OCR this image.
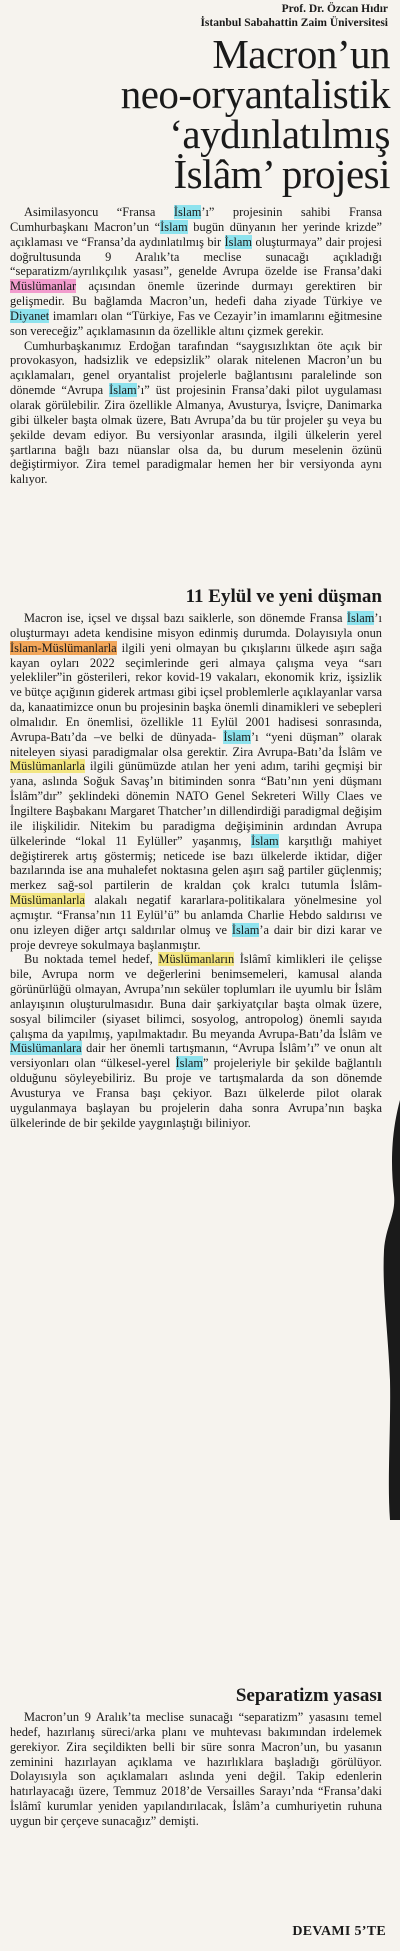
Prof. Dr. Özcan Hıdır
İstanbul Sabahattin Zaim Üniversitesi
Macron’un
neo-oryantalistik
‘aydınlatılmış
İslâm’ projesi

Asimilasyoncu “Fransa İslam’ı” projesinin sahibi Fransa Cumhurbaşkanı Macron’un “İslam bugün dünyanın her yerinde krizde” açıklaması ve “Fransa’da aydınlatılmış bir İslam oluşturmaya” dair projesi doğrultusunda 9 Aralık’ta meclise sunacağı açıkladığı “separatizm/ayrılıkçılık yasası”, genelde Avrupa özelde ise Fransa’daki Müslümanlar açısından önemle üzerinde durmayı gerektiren bir gelişmedir. Bu bağlamda Macron’un, hedefi daha ziyade Türkiye ve Diyanet imamları olan “Türkiye, Fas ve Cezayir’in imamlarını eğitmesine son vereceğiz” açıklamasının da özellikle altını çizmek gerekir.

Cumhurbaşkanımız Erdoğan tarafından “saygısızlıktan öte açık bir provokasyon, hadsizlik ve edepsizlik” olarak nitelenen Macron’un bu açıklamaları, genel oryantalist projelerle bağlantısını paralelinde son dönemde “Avrupa İslam’ı” üst projesinin Fransa’daki pilot uygulaması olarak görülebilir. Zira özellikle Almanya, Avusturya, İsviçre, Danimarka gibi ülkeler başta olmak üzere, Batı Avrupa’da bu tür projeler şu veya bu şekilde devam ediyor. Bu versiyonlar arasında, ilgili ülkelerin yerel şartlarına bağlı bazı nüanslar olsa da, bu durum meselenin özünü değiştirmiyor. Zira temel paradigmalar hemen her bir versiyonda aynı kalıyor.

11 Eylül ve yeni düşman

Macron ise, içsel ve dışsal bazı saiklerle, son dönemde Fransa İslam’ı oluşturmayı adeta kendisine misyon edinmiş durumda. Dolayısıyla onun İslam-Müslümanlarla ilgili yeni olmayan bu çıkışlarını ülkede aşırı sağa kayan oyları 2022 seçimlerinde geri almaya çalışma veya “sarı yelekliler”in gösterileri, rekor kovid-19 vakaları, ekonomik kriz, işsizlik ve bütçe açığının giderek artması gibi içsel problemlerle açıklayanlar varsa da, kanaatimizce onun bu projesinin başka önemli dinamikleri ve sebepleri olmalıdır. En önemlisi, özellikle 11 Eylül 2001 hadisesi sonrasında, Avrupa-Batı’da –ve belki de dünyada- İslam’ı “yeni düşman” olarak niteleyen siyasi paradigmalar olsa gerektir. Zira Avrupa-Batı’da İslâm ve Müslümanlarla ilgili günümüzde atılan her yeni adım, tarihi geçmişi bir yana, aslında Soğuk Savaş’ın bitiminden sonra “Batı’nın yeni düşmanı İslâm”dır” şeklindeki dönemin NATO Genel Sekreteri Willy Claes ve İngiltere Başbakanı Margaret Thatcher’ın dillendirdiği paradigmal değişim ile ilişkilidir. Nitekim bu paradigma değişiminin ardından Avrupa ülkelerinde “lokal 11 Eylüller” yaşanmış, İslam karşıtlığı mahiyet değiştirerek artış göstermiş; neticede ise bazı ülkelerde iktidar, diğer bazılarında ise ana muhalefet noktasına gelen aşırı sağ partiler güçlenmiş; merkez sağ-sol partilerin de kraldan çok kralcı tutumla İslâm-Müslümanlarla alakalı negatif kararlara-politikalara yönelmesine yol açmıştır. “Fransa’nın 11 Eylül’ü” bu anlamda Charlie Hebdo saldırısı ve onu izleyen diğer artçı saldırılar olmuş ve İslam’a dair bir dizi karar ve proje devreye sokulmaya başlanmıştır.

Bu noktada temel hedef, Müslümanların İslâmî kimlikleri ile çelişse bile, Avrupa norm ve değerlerini benimsemeleri, kamusal alanda görünürlüğü olmayan, Avrupa’nın seküler toplumları ile uyumlu bir İslâm anlayışının oluşturulmasıdır. Buna dair şarkiyatçılar başta olmak üzere, sosyal bilimciler (siyaset bilimci, sosyolog, antropolog) önemli sayıda çalışma da yapılmış, yapılmaktadır. Bu meyanda Avrupa-Batı’da İslâm ve Müslümanlara dair her önemli tartışmanın, “Avrupa İslâm’ı” ve onun alt versiyonları olan “ülkesel-yerel İslam” projeleriyle bir şekilde bağlantılı olduğunu söyleyebiliriz. Bu proje ve tartışmalarda da son dönemde Avusturya ve Fransa başı çekiyor. Bazı ülkelerde pilot olarak uygulanmaya başlayan bu projelerin daha sonra Avrupa’nın başka ülkelerinde de bir şekilde yaygınlaştığı biliniyor.

Separatizm yasası

Macron’un 9 Aralık’ta meclise sunacağı “separatizm” yasasını temel hedef, hazırlanış süreci/arka planı ve muhtevası bakımından irdelemek gerekiyor. Zira seçildikten belli bir süre sonra Macron’un, bu yasanın zeminini hazırlayan açıklama ve hazırlıklara başladığı görülüyor. Dolayısıyla son açıklamaları aslında yeni değil. Takip edenlerin hatırlayacağı üzere, Temmuz 2018’de Versailles Sarayı’nda “Fransa’daki İslâmî kurumlar yeniden yapılandırılacak, İslâm’a cumhuriyetin ruhuna uygun bir çerçeve sunacağız” demişti.

DEVAMI 5’TE
